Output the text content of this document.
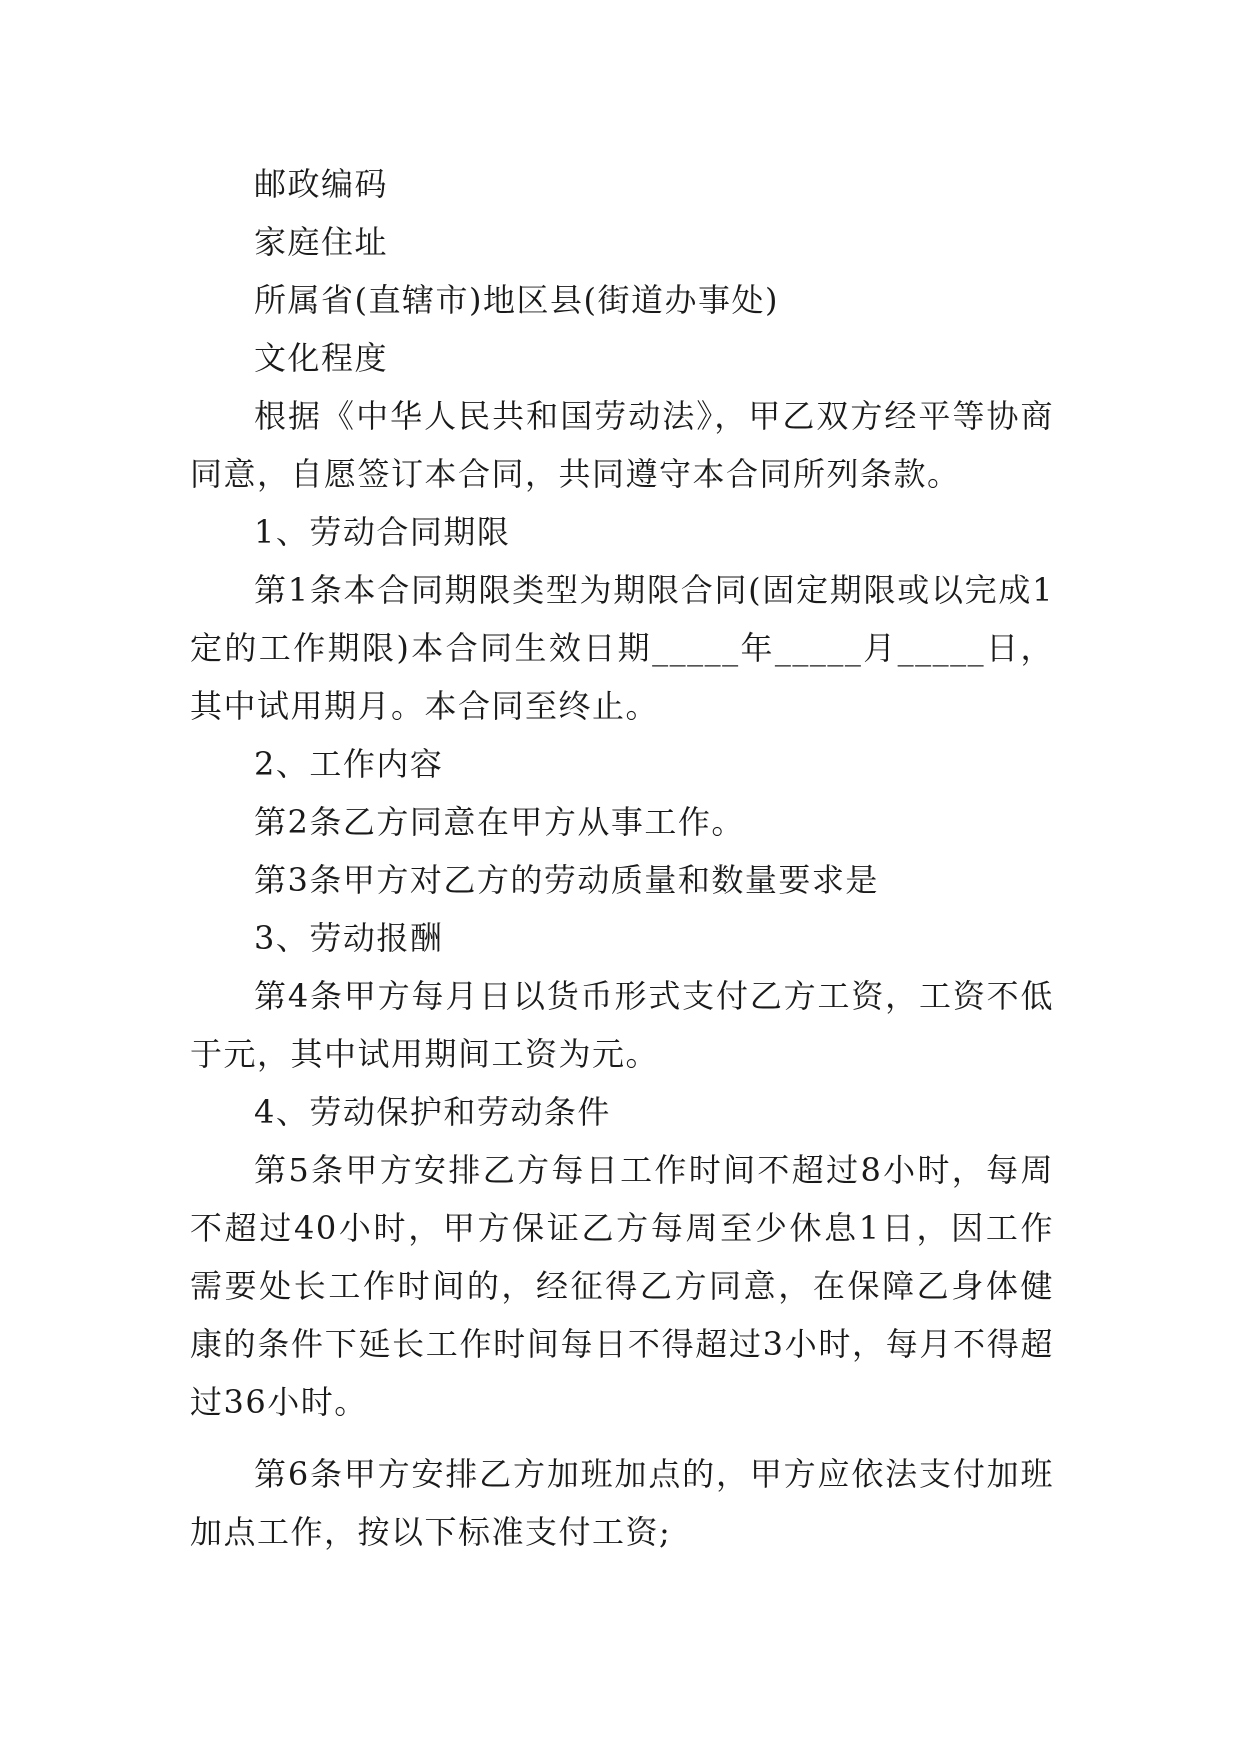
邮政编码

家庭住址

所属省(直辖市)地区县(街道办事处)

文化程度

根据《中华人民共和国劳动法》，甲乙双方经平等协商同意，自愿签订本合同，共同遵守本合同所列条款。

1、劳动合同期限

第1条本合同期限类型为期限合同(固定期限或以完成1定的工作期限)本合同生效日期_____年_____月_____日，其中试用期月。本合同至终止。

2、工作内容

第2条乙方同意在甲方从事工作。

第3条甲方对乙方的劳动质量和数量要求是

3、劳动报酬

第4条甲方每月日以货币形式支付乙方工资，工资不低于元，其中试用期间工资为元。

4、劳动保护和劳动条件

第5条甲方安排乙方每日工作时间不超过8小时，每周不超过40小时，甲方保证乙方每周至少休息1日，因工作需要处长工作时间的，经征得乙方同意，在保障乙身体健康的条件下延长工作时间每日不得超过3小时，每月不得超过36小时。

第6条甲方安排乙方加班加点的，甲方应依法支付加班加点工作，按以下标准支付工资;
